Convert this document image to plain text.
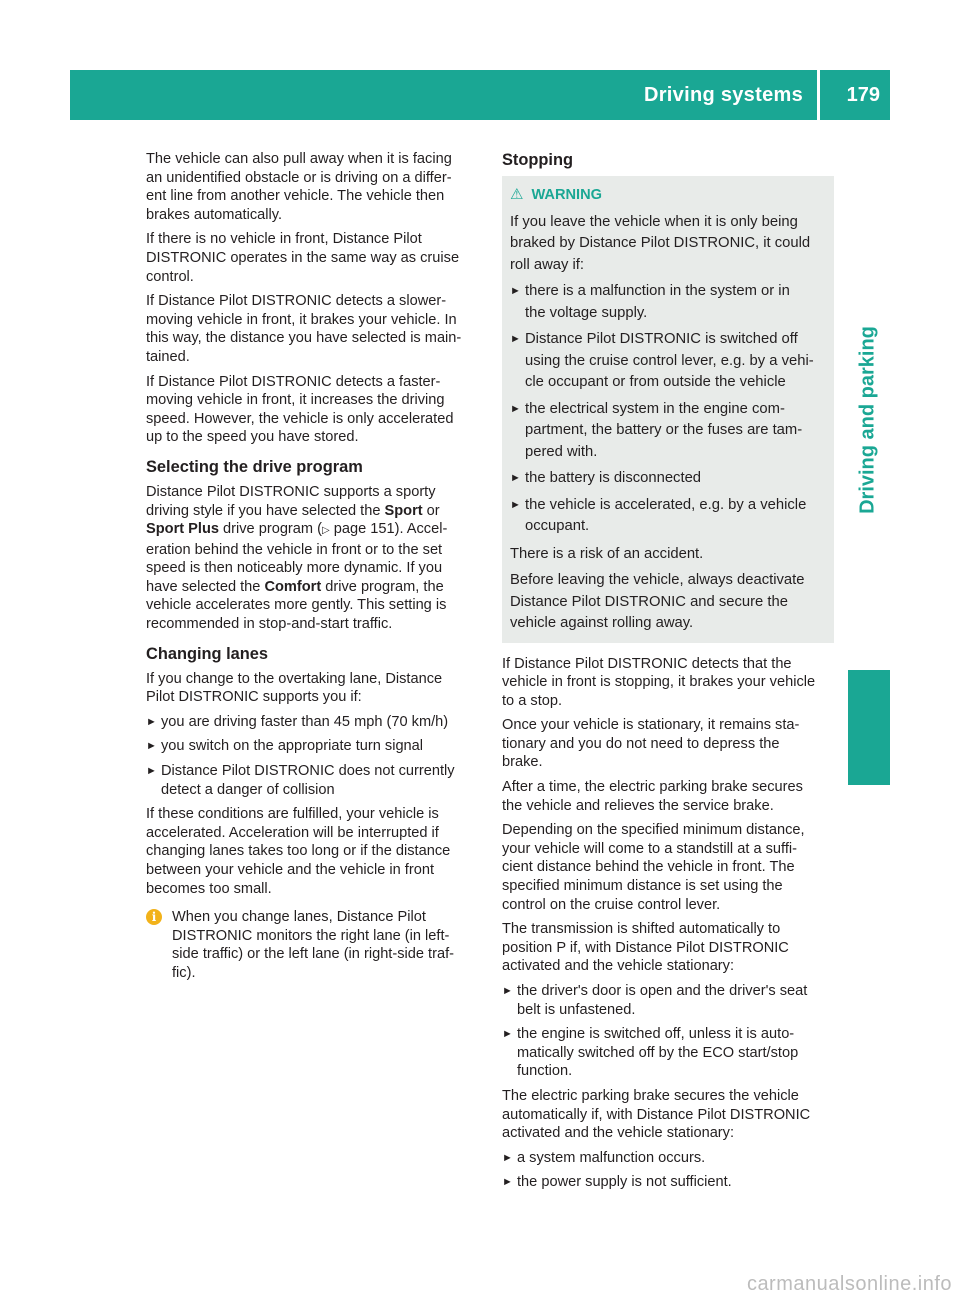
Driving systems	179
Driving and parking

The vehicle can also pull away when it is facing
an unidentified obstacle or is driving on a differ-
ent line from another vehicle. The vehicle then
brakes automatically.

If there is no vehicle in front, Distance Pilot
DISTRONIC operates in the same way as cruise
control.

If Distance Pilot DISTRONIC detects a slower-
moving vehicle in front, it brakes your vehicle. In
this way, the distance you have selected is main-
tained.

If Distance Pilot DISTRONIC detects a faster-
moving vehicle in front, it increases the driving
speed. However, the vehicle is only accelerated
up to the speed you have stored.

Selecting the drive program

Distance Pilot DISTRONIC supports a sporty
driving style if you have selected the Sport or
Sport Plus drive program (▷ page 151). Accel-
eration behind the vehicle in front or to the set
speed is then noticeably more dynamic. If you
have selected the Comfort drive program, the
vehicle accelerates more gently. This setting is
recommended in stop-and-start traffic.

Changing lanes

If you change to the overtaking lane, Distance
Pilot DISTRONIC supports you if:

► you are driving faster than 45 mph (70 km/h)
► you switch on the appropriate turn signal
► Distance Pilot DISTRONIC does not currently
detect a danger of collision

If these conditions are fulfilled, your vehicle is
accelerated. Acceleration will be interrupted if
changing lanes takes too long or if the distance
between your vehicle and the vehicle in front
becomes too small.

i	When you change lanes, Distance Pilot
DISTRONIC monitors the right lane (in left-
side traffic) or the left lane (in right-side traf-
fic).
Stopping
⚠ WARNING

If you leave the vehicle when it is only being
braked by Distance Pilot DISTRONIC, it could
roll away if:

► there is a malfunction in the system or in
the voltage supply.
► Distance Pilot DISTRONIC is switched off
using the cruise control lever, e.g. by a vehi-
cle occupant or from outside the vehicle
► the electrical system in the engine com-
partment, the battery or the fuses are tam-
pered with.
► the battery is disconnected
► the vehicle is accelerated, e.g. by a vehicle
occupant.

There is a risk of an accident.

Before leaving the vehicle, always deactivate
Distance Pilot DISTRONIC and secure the
vehicle against rolling away.

If Distance Pilot DISTRONIC detects that the
vehicle in front is stopping, it brakes your vehicle
to a stop.

Once your vehicle is stationary, it remains sta-
tionary and you do not need to depress the
brake.

After a time, the electric parking brake secures
the vehicle and relieves the service brake.

Depending on the specified minimum distance,
your vehicle will come to a standstill at a suffi-
cient distance behind the vehicle in front. The
specified minimum distance is set using the
control on the cruise control lever.

The transmission is shifted automatically to
position P if, with Distance Pilot DISTRONIC
activated and the vehicle stationary:

► the driver's door is open and the driver's seat
belt is unfastened.
► the engine is switched off, unless it is auto-
matically switched off by the ECO start/stop
function.

The electric parking brake secures the vehicle
automatically if, with Distance Pilot DISTRONIC
activated and the vehicle stationary:

► a system malfunction occurs.
► the power supply is not sufficient.
carmanualsonline.info
